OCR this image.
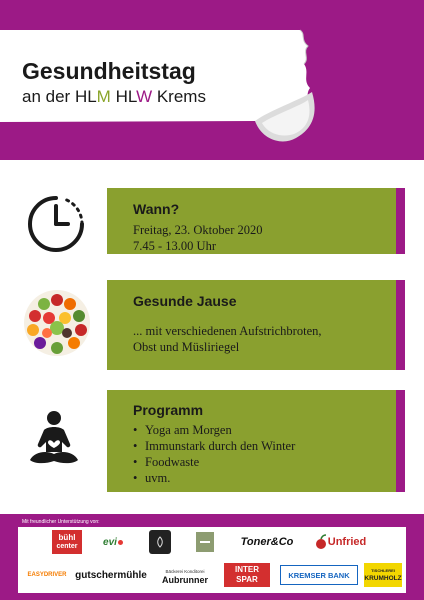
Gesundheitstag
an der HLM HLW Krems
Wann?
Freitag, 23. Oktober 2020
7.45 - 13.00 Uhr
Gesunde Jause
... mit verschiedenen Aufstrichbroten,
Obst und Müsliriegel
Programm
• Yoga am Morgen
• Immunstark durch den Winter
• Foodwaste
• uvm.
Mit freundlicher Unterstützung von:
bühl
center	evi	Toner&Co	Unfried
EASYDRIVER gutschermühle	Bäckerei Konditorei
Aubrunner
INTER
SPAR	KREMSER BANK	TISCHLEREI
KRUMHOLZ
